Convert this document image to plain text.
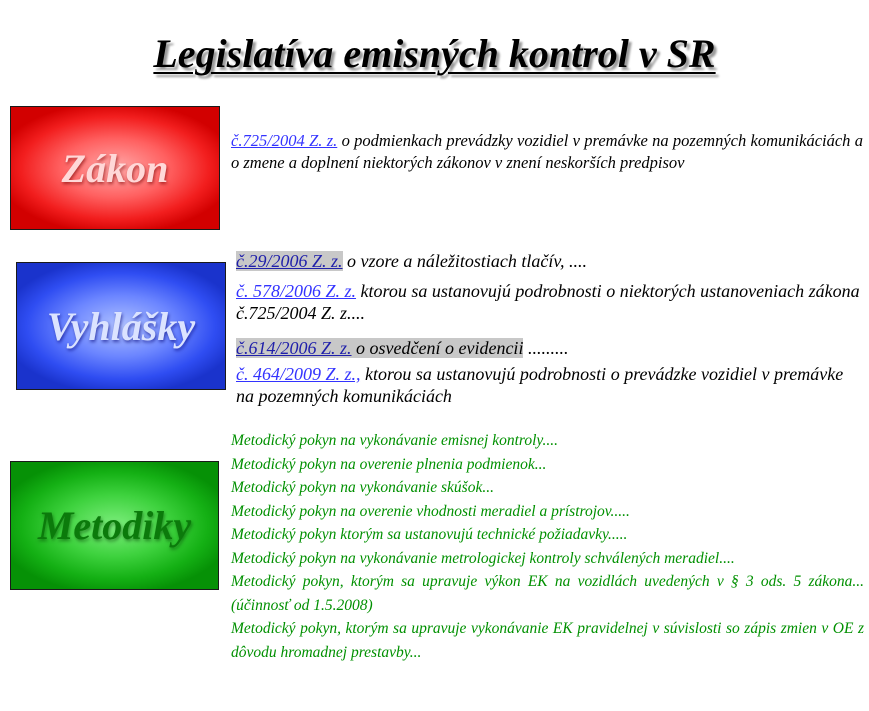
Legislatíva emisných kontrol v SR
Zákon

č.725/2004 Z. z. o podmienkach prevádzky vozidiel v premávke na pozemných komunikáciách a o zmene a doplnení niektorých zákonov v znení neskorších predpisov

Vyhlášky

č.29/2006 Z. z. o vzore a náležitostiach tlačív, ....

č. 578/2006 Z. z. ktorou sa ustanovujú podrobnosti o niektorých ustanoveniach zákona č.725/2004 Z. z....

č.614/2006 Z. z. o osvedčení o evidencii .........

č. 464/2009 Z. z., ktorou sa ustanovujú podrobnosti o prevádzke vozidiel v premávke na pozemných komunikáciách

Metodiky

Metodický pokyn na vykonávanie emisnej kontroly....

Metodický pokyn na overenie plnenia podmienok...

Metodický pokyn na vykonávanie skúšok...

Metodický pokyn na overenie vhodnosti meradiel a prístrojov.....

Metodický pokyn ktorým sa ustanovujú technické požiadavky.....

Metodický pokyn na vykonávanie metrologickej kontroly schválených meradiel....

Metodický pokyn, ktorým sa upravuje výkon EK na vozidlách uvedených v § 3 ods. 5 zákona... (účinnosť od 1.5.2008)

Metodický pokyn, ktorým sa upravuje vykonávanie EK pravidelnej v súvislosti so zápis zmien v OE z dôvodu hromadnej prestavby...
